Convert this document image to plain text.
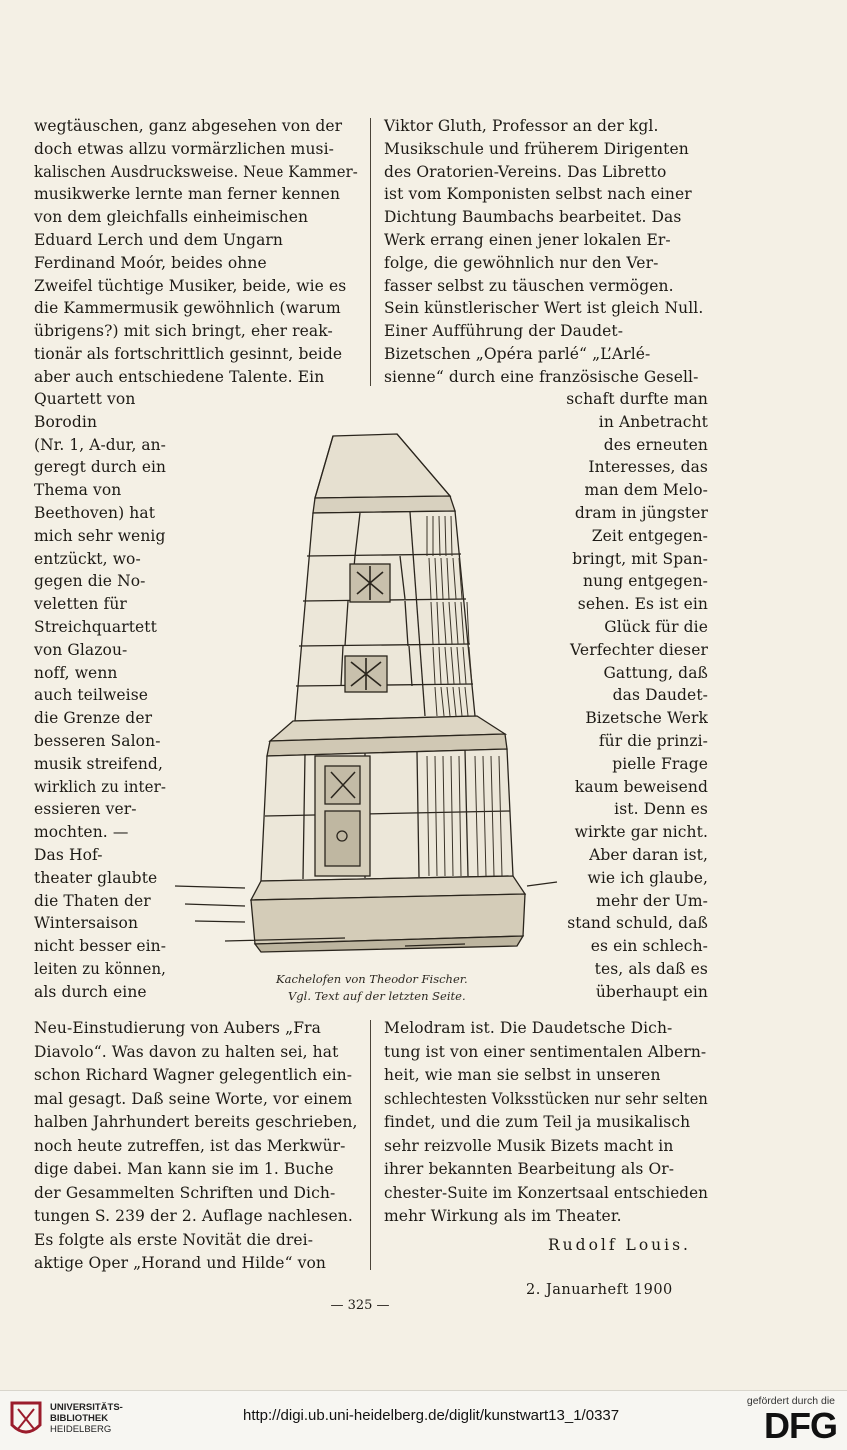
wegtäuschen, ganz abgesehen von der
doch etwas allzu vormärzlichen musi-
kalischen Ausdrucksweise. Neue Kammer-
musikwerke lernte man ferner kennen
von dem gleichfalls einheimischen
Eduard Lerch und dem Ungarn
Ferdinand Moór, beides ohne
Zweifel tüchtige Musiker, beide, wie es
die Kammermusik gewöhnlich (warum
übrigens?) mit sich bringt, eher reak-
tionär als fortschrittlich gesinnt, beide
aber auch entschiedene Talente. Ein
Viktor Gluth, Professor an der kgl.
Musikschule und früherem Dirigenten
des Oratorien-Vereins. Das Libretto
ist vom Komponisten selbst nach einer
Dichtung Baumbachs bearbeitet. Das
Werk errang einen jener lokalen Er-
folge, die gewöhnlich nur den Ver-
fasser selbst zu täuschen vermögen.
Sein künstlerischer Wert ist gleich Null.
Einer Aufführung der Daudet-
Bizetschen „Opéra parlé“ „L’Arlé-
sienne“ durch eine französische Gesell-
Quartett von
Borodin
(Nr. 1, A-dur, an-
geregt durch ein
Thema von
Beethoven) hat
mich sehr wenig
entzückt, wo-
gegen die No-
veletten für
Streichquartett
von Glazou-
noff, wenn
auch teilweise
die Grenze der
besseren Salon-
musik streifend,
wirklich zu inter-
essieren ver-
mochten. —
Das Hof-
theater glaubte
die Thaten der
Wintersaison
nicht besser ein-
leiten zu können,
als durch eine
schaft durfte man
in Anbetracht
des erneuten
Interesses, das
man dem Melo-
dram in jüngster
Zeit entgegen-
bringt, mit Span-
nung entgegen-
sehen. Es ist ein
Glück für die
Verfechter dieser
Gattung, daß
das Daudet-
Bizetsche Werk
für die prinzi-
pielle Frage
kaum beweisend
ist. Denn es
wirkte gar nicht.
Aber daran ist,
wie ich glaube,
mehr der Um-
stand schuld, daß
es ein schlech-
tes, als daß es
überhaupt ein
Kachelofen von Theodor Fischer.
Vgl. Text auf der letzten Seite.
Neu-Einstudierung von Aubers „Fra
Diavolo“. Was davon zu halten sei, hat
schon Richard Wagner gelegentlich ein-
mal gesagt. Daß seine Worte, vor einem
halben Jahrhundert bereits geschrieben,
noch heute zutreffen, ist das Merkwür-
dige dabei. Man kann sie im 1. Buche
der Gesammelten Schriften und Dich-
tungen S. 239 der 2. Auflage nachlesen.
Es folgte als erste Novität die drei-
aktige Oper „Horand und Hilde“ von
Melodram ist. Die Daudetsche Dich-
tung ist von einer sentimentalen Albern-
heit, wie man sie selbst in unseren
schlechtesten Volksstücken nur sehr selten
findet, und die zum Teil ja musikalisch
sehr reizvolle Musik Bizets macht in
ihrer bekannten Bearbeitung als Or-
chester-Suite im Konzertsaal entschieden
mehr Wirkung als im Theater.
Rudolf Louis.
2. Januarheft 1900
— 325 —
UNIVERSITÄTS-
BIBLIOTHEK
HEIDELBERG
http://digi.ub.uni-heidelberg.de/diglit/kunstwart13_1/0337
gefördert durch die
DFG
